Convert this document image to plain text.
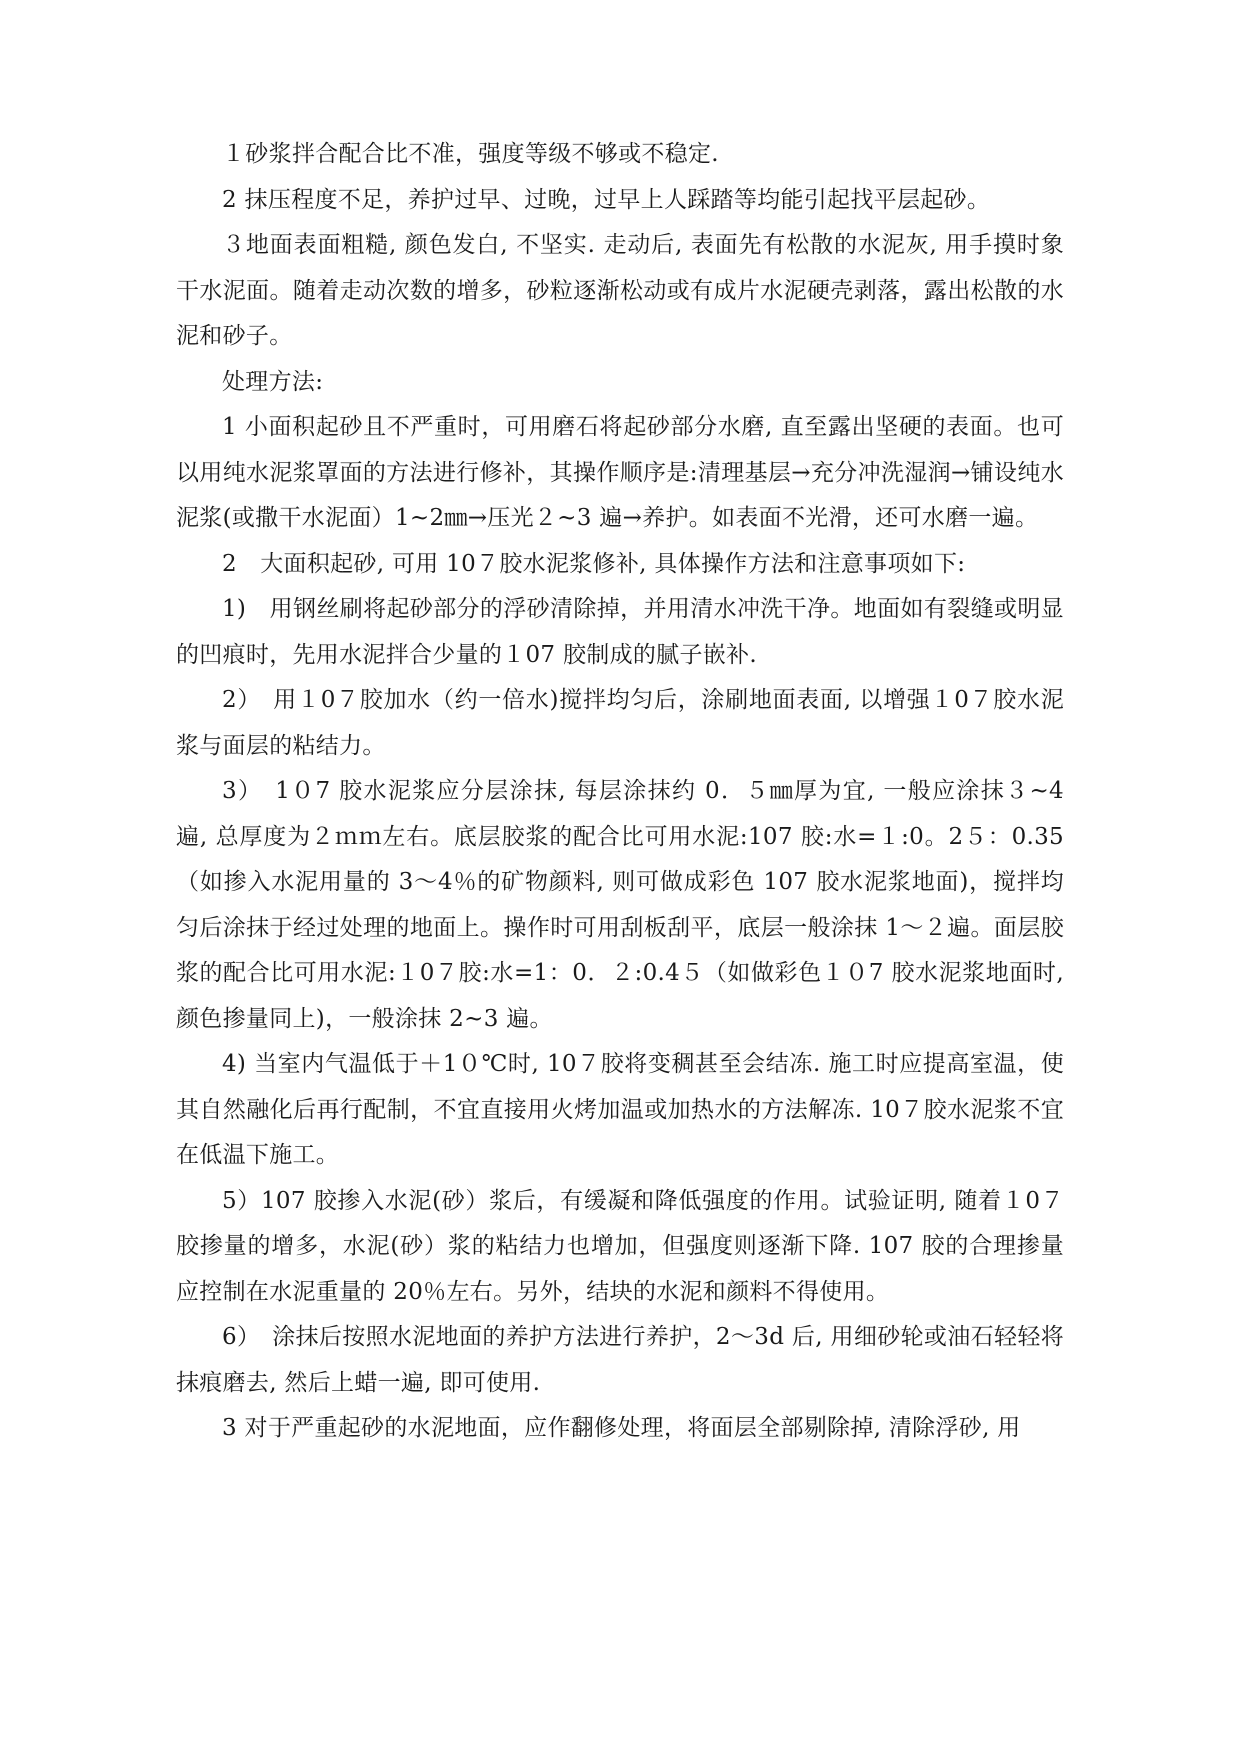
１砂浆拌合配合比不准，强度等级不够或不稳定.

2 抹压程度不足，养护过早、过晚，过早上人踩踏等均能引起找平层起砂。

３地面表面粗糙, 颜色发白, 不坚实. 走动后, 表面先有松散的水泥灰, 用手摸时象干水泥面。随着走动次数的增多，砂粒逐渐松动或有成片水泥硬壳剥落，露出松散的水泥和砂子。

处理方法:

1 小面积起砂且不严重时，可用磨石将起砂部分水磨, 直至露出坚硬的表面。也可以用纯水泥浆罩面的方法进行修补，其操作顺序是:清理基层→充分冲洗湿润→铺设纯水泥浆(或撒干水泥面）1~2㎜→压光２~3 遍→养护。如表面不光滑，还可水磨一遍。

2　大面积起砂, 可用 10７胶水泥浆修补, 具体操作方法和注意事项如下:

1)　用钢丝刷将起砂部分的浮砂清除掉，并用清水冲洗干净。地面如有裂缝或明显的凹痕时，先用水泥拌合少量的１07 胶制成的腻子嵌补.

2）　用１0７胶加水（约一倍水)搅拌均匀后，涂刷地面表面, 以增强１0７胶水泥浆与面层的粘结力。

3）　1０7 胶水泥浆应分层涂抹, 每层涂抹约 0．５㎜厚为宜, 一般应涂抹３~4 遍, 总厚度为２ｍｍ左右。底层胶浆的配合比可用水泥:107 胶:水=１:0。2５：0.35（如掺入水泥用量的 3～4％的矿物颜料, 则可做成彩色 107 胶水泥浆地面)，搅拌均匀后涂抹于经过处理的地面上。操作时可用刮板刮平，底层一般涂抹 1～２遍。面层胶浆的配合比可用水泥:１0７胶:水=1：0．２:0.4５（如做彩色１０7 胶水泥浆地面时, 颜色掺量同上)，一般涂抹 2~3 遍。

4) 当室内气温低于＋1０℃时, 10７胶将变稠甚至会结冻. 施工时应提高室温，使其自然融化后再行配制，不宜直接用火烤加温或加热水的方法解冻. 10７胶水泥浆不宜在低温下施工。

5）107 胶掺入水泥(砂）浆后，有缓凝和降低强度的作用。试验证明, 随着１0７胶掺量的增多，水泥(砂）浆的粘结力也增加，但强度则逐渐下降. 107 胶的合理掺量应控制在水泥重量的 20％左右。另外，结块的水泥和颜料不得使用。

6）　涂抹后按照水泥地面的养护方法进行养护，2～3d 后, 用细砂轮或油石轻轻将抹痕磨去, 然后上蜡一遍, 即可使用.

3 对于严重起砂的水泥地面，应作翻修处理，将面层全部剔除掉, 清除浮砂, 用
